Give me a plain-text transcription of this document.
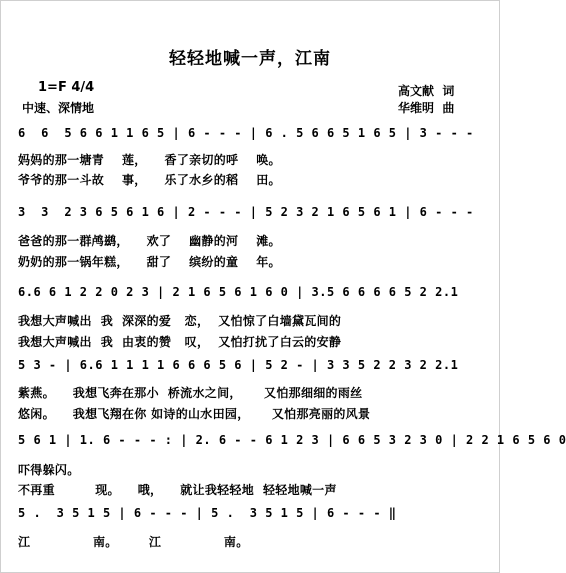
轻轻地喊一声，江南
1=F 4/4
中速、深情地
高文献  词
华维明  曲
6  6  5 6 6 1 1 6 5 | 6 - - - | 6 . 5 6 6 5 1 6 5 | 3 - - -
妈妈的那一塘青    莲，    香了亲切的呼    唤。
爷爷的那一斗故    事，    乐了水乡的稻    田。
3  3  2 3 6 5 6 1 6 | 2 - - - | 5 2 3 2 1 6 5 6 1 | 6 - - -
爸爸的那一群鸬鹚，    欢了    幽静的河    滩。
奶奶的那一锅年糕，    甜了    缤纷的童    年。
6.6 6 1 2 2 0 2 3 | 2 1 6 5 6 1 6 0 | 3.5 6 6 6 6 5 2 2.1
我想大声喊出  我  深深的爱   恋，  又怕惊了白墙黛瓦间的
我想大声喊出  我  由衷的赞   叹，  又怕打扰了白云的安静
5 3 - | 6.6 1 1 1 1 6 6 6 5 6 | 5 2 - | 3 3 5 2 2 3 2 2.1
紫燕。    我想飞奔在那小  桥流水之间，     又怕那细细的雨丝
悠闲。    我想飞翔在你 如诗的山水田园，     又怕那亮丽的风景
5 6 1 | 1. 6 - - - : | 2. 6 - - 6 1 2 3 | 6 6 5 3 2 3 0 | 2 2 1 6 5 6 0
吓得躲闪。
不再重         现。    哦，    就让我轻轻地  轻轻地喊一声
5 .  3 5 1 5 | 6 - - - | 5 .  3 5 1 5 | 6 - - - ‖
江              南。       江              南。
